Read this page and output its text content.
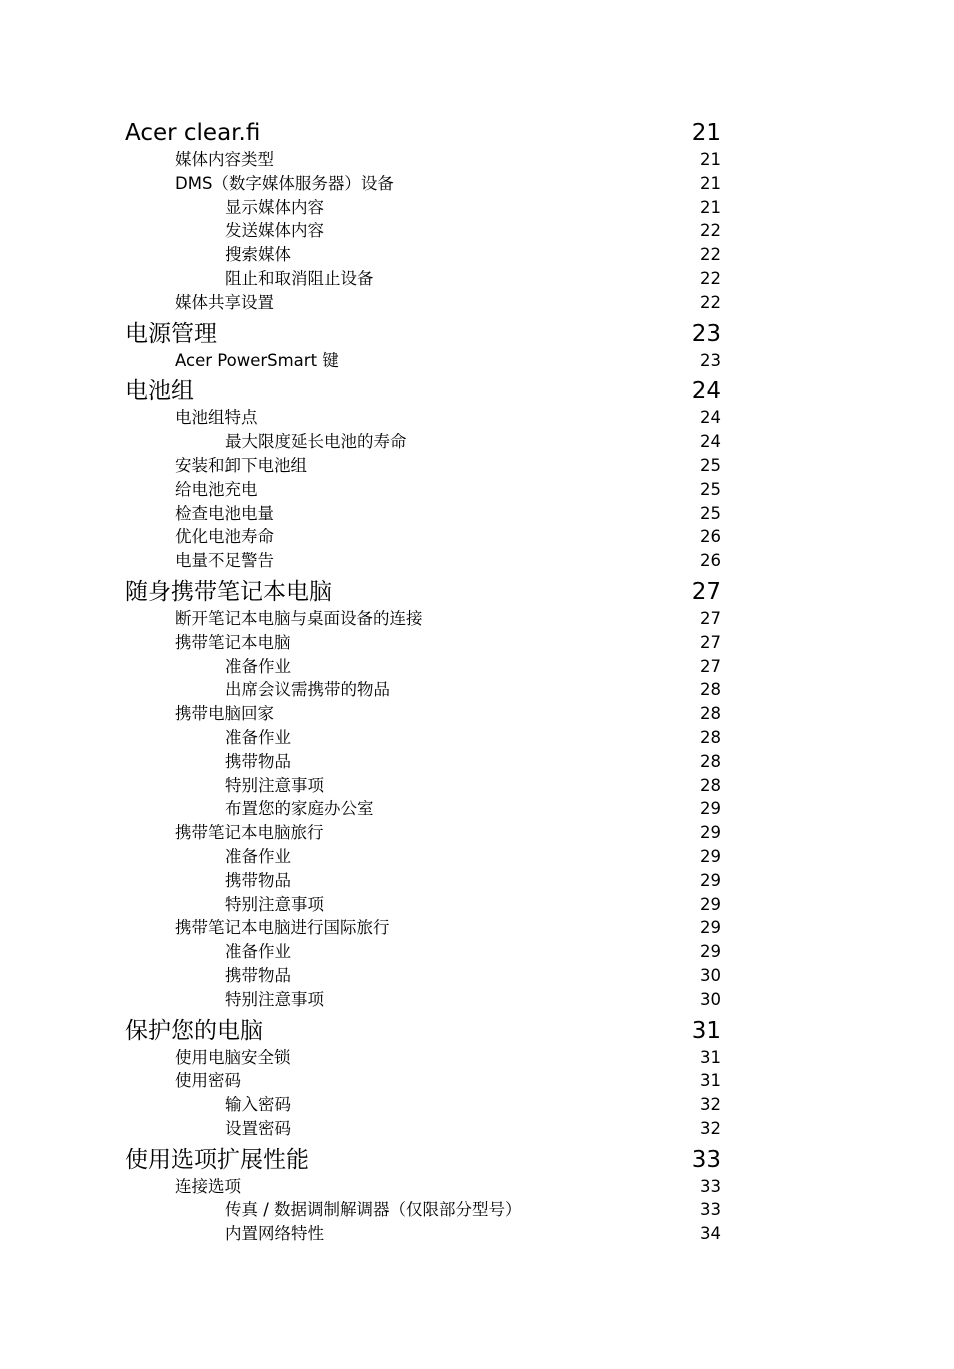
Acer clear.fi	21
媒体内容类型	21
DMS（数字媒体服务器）设备	21
显示媒体内容	21
发送媒体内容	22
搜索媒体	22
阻止和取消阻止设备	22
媒体共享设置	22
电源管理	23
Acer PowerSmart 键	23
电池组	24
电池组特点	24
最大限度延长电池的寿命	24
安装和卸下电池组	25
给电池充电	25
检查电池电量	25
优化电池寿命	26
电量不足警告	26
随身携带笔记本电脑	27
断开笔记本电脑与桌面设备的连接	27
携带笔记本电脑	27
准备作业	27
出席会议需携带的物品	28
携带电脑回家	28
准备作业	28
携带物品	28
特别注意事项	28
布置您的家庭办公室	29
携带笔记本电脑旅行	29
准备作业	29
携带物品	29
特别注意事项	29
携带笔记本电脑进行国际旅行	29
准备作业	29
携带物品	30
特别注意事项	30
保护您的电脑	31
使用电脑安全锁	31
使用密码	31
输入密码	32
设置密码	32
使用选项扩展性能	33
连接选项	33
传真 / 数据调制解调器（仅限部分型号）	33
内置网络特性	34
